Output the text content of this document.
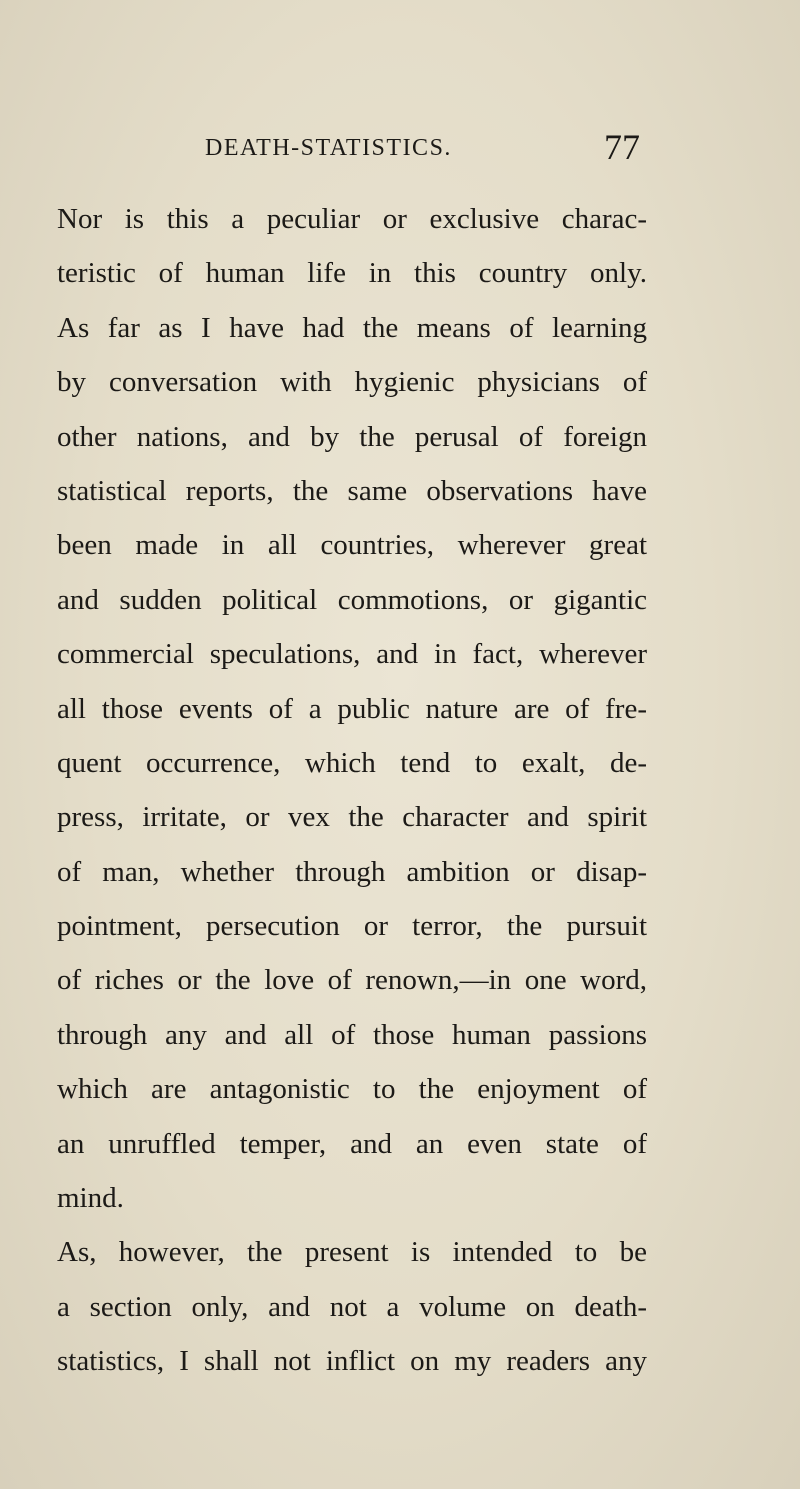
DEATH-STATISTICS.	77
Nor is this a peculiar or exclusive charac-
teristic of human life in this country only.
As far as I have had the means of learning
by conversation with hygienic physicians of
other nations, and by the perusal of foreign
statistical reports, the same observations have
been made in all countries, wherever great
and sudden political commotions, or gigantic
commercial speculations, and in fact, wherever
all those events of a public nature are of fre-
quent occurrence, which tend to exalt, de-
press, irritate, or vex the character and spirit
of man, whether through ambition or disap-
pointment, persecution or terror, the pursuit
of riches or the love of renown,—in one word,
through any and all of those human passions
which are antagonistic to the enjoyment of
an unruffled temper, and an even state of
mind.
As, however, the present is intended to be
a section only, and not a volume on death-
statistics, I shall not inflict on my readers any
